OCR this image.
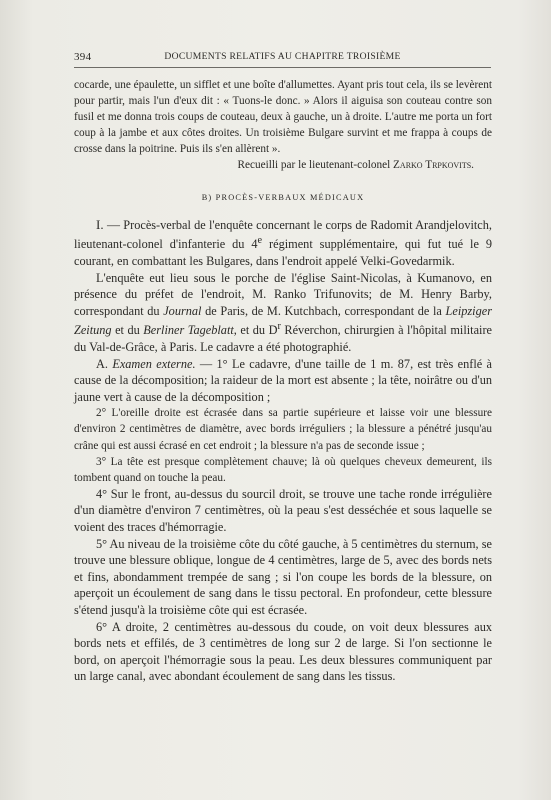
394	DOCUMENTS RELATIFS AU CHAPITRE TROISIÈME

cocarde, une épaulette, un sifflet et une boîte d'allumettes. Ayant pris tout cela, ils se levèrent pour partir, mais l'un d'eux dit : « Tuons-le donc. » Alors il aiguisa son couteau contre son fusil et me donna trois coups de couteau, deux à gauche, un à droite. L'autre me porta un fort coup à la jambe et aux côtes droites. Un troisième Bulgare survint et me frappa à coups de crosse dans la poitrine. Puis ils s'en allèrent ».

Recueilli par le lieutenant-colonel Zarko Trpkovits.

B) PROCÈS-VERBAUX MÉDICAUX

I. — Procès-verbal de l'enquête concernant le corps de Radomit Arandjelovitch, lieutenant-colonel d'infanterie du 4e régiment supplémentaire, qui fut tué le 9 courant, en combattant les Bulgares, dans l'endroit appelé Velki-Govedarmik.

L'enquête eut lieu sous le porche de l'église Saint-Nicolas, à Kumanovo, en présence du préfet de l'endroit, M. Ranko Trifunovits; de M. Henry Barby, correspondant du Journal de Paris, de M. Kutchbach, correspondant de la Leipziger Zeitung et du Berliner Tageblatt, et du $D^r$ Réverchon, chirurgien à l'hôpital militaire du Val-de-Grâce, à Paris. Le cadavre a été photographié.

A. Examen externe. — 1° Le cadavre, d'une taille de 1 m. 87, est très enflé à cause de la décomposition; la raideur de la mort est absente ; la tête, noirâtre ou d'un jaune vert à cause de la décomposition ;

2° L'oreille droite est écrasée dans sa partie supérieure et laisse voir une blessure d'environ 2 centimètres de diamètre, avec bords irréguliers ; la blessure a pénétré jusqu'au crâne qui est aussi écrasé en cet endroit ; la blessure n'a pas de seconde issue ;

3° La tête est presque complètement chauve; là où quelques cheveux demeurent, ils tombent quand on touche la peau.

4° Sur le front, au-dessus du sourcil droit, se trouve une tache ronde irrégulière d'un diamètre d'environ 7 centimètres, où la peau s'est desséchée et sous laquelle se voient des traces d'hémorragie.

5° Au niveau de la troisième côte du côté gauche, à 5 centimètres du sternum, se trouve une blessure oblique, longue de 4 centimètres, large de 5, avec des bords nets et fins, abondamment trempée de sang ; si l'on coupe les bords de la blessure, on aperçoit un écoulement de sang dans le tissu pectoral. En profondeur, cette blessure s'étend jusqu'à la troisième côte qui est écrasée.

6° A droite, 2 centimètres au-dessous du coude, on voit deux blessures aux bords nets et effilés, de 3 centimètres de long sur 2 de large. Si l'on sectionne le bord, on aperçoit l'hémorragie sous la peau. Les deux blessures communiquent par un large canal, avec abondant écoulement de sang dans les tissus.
